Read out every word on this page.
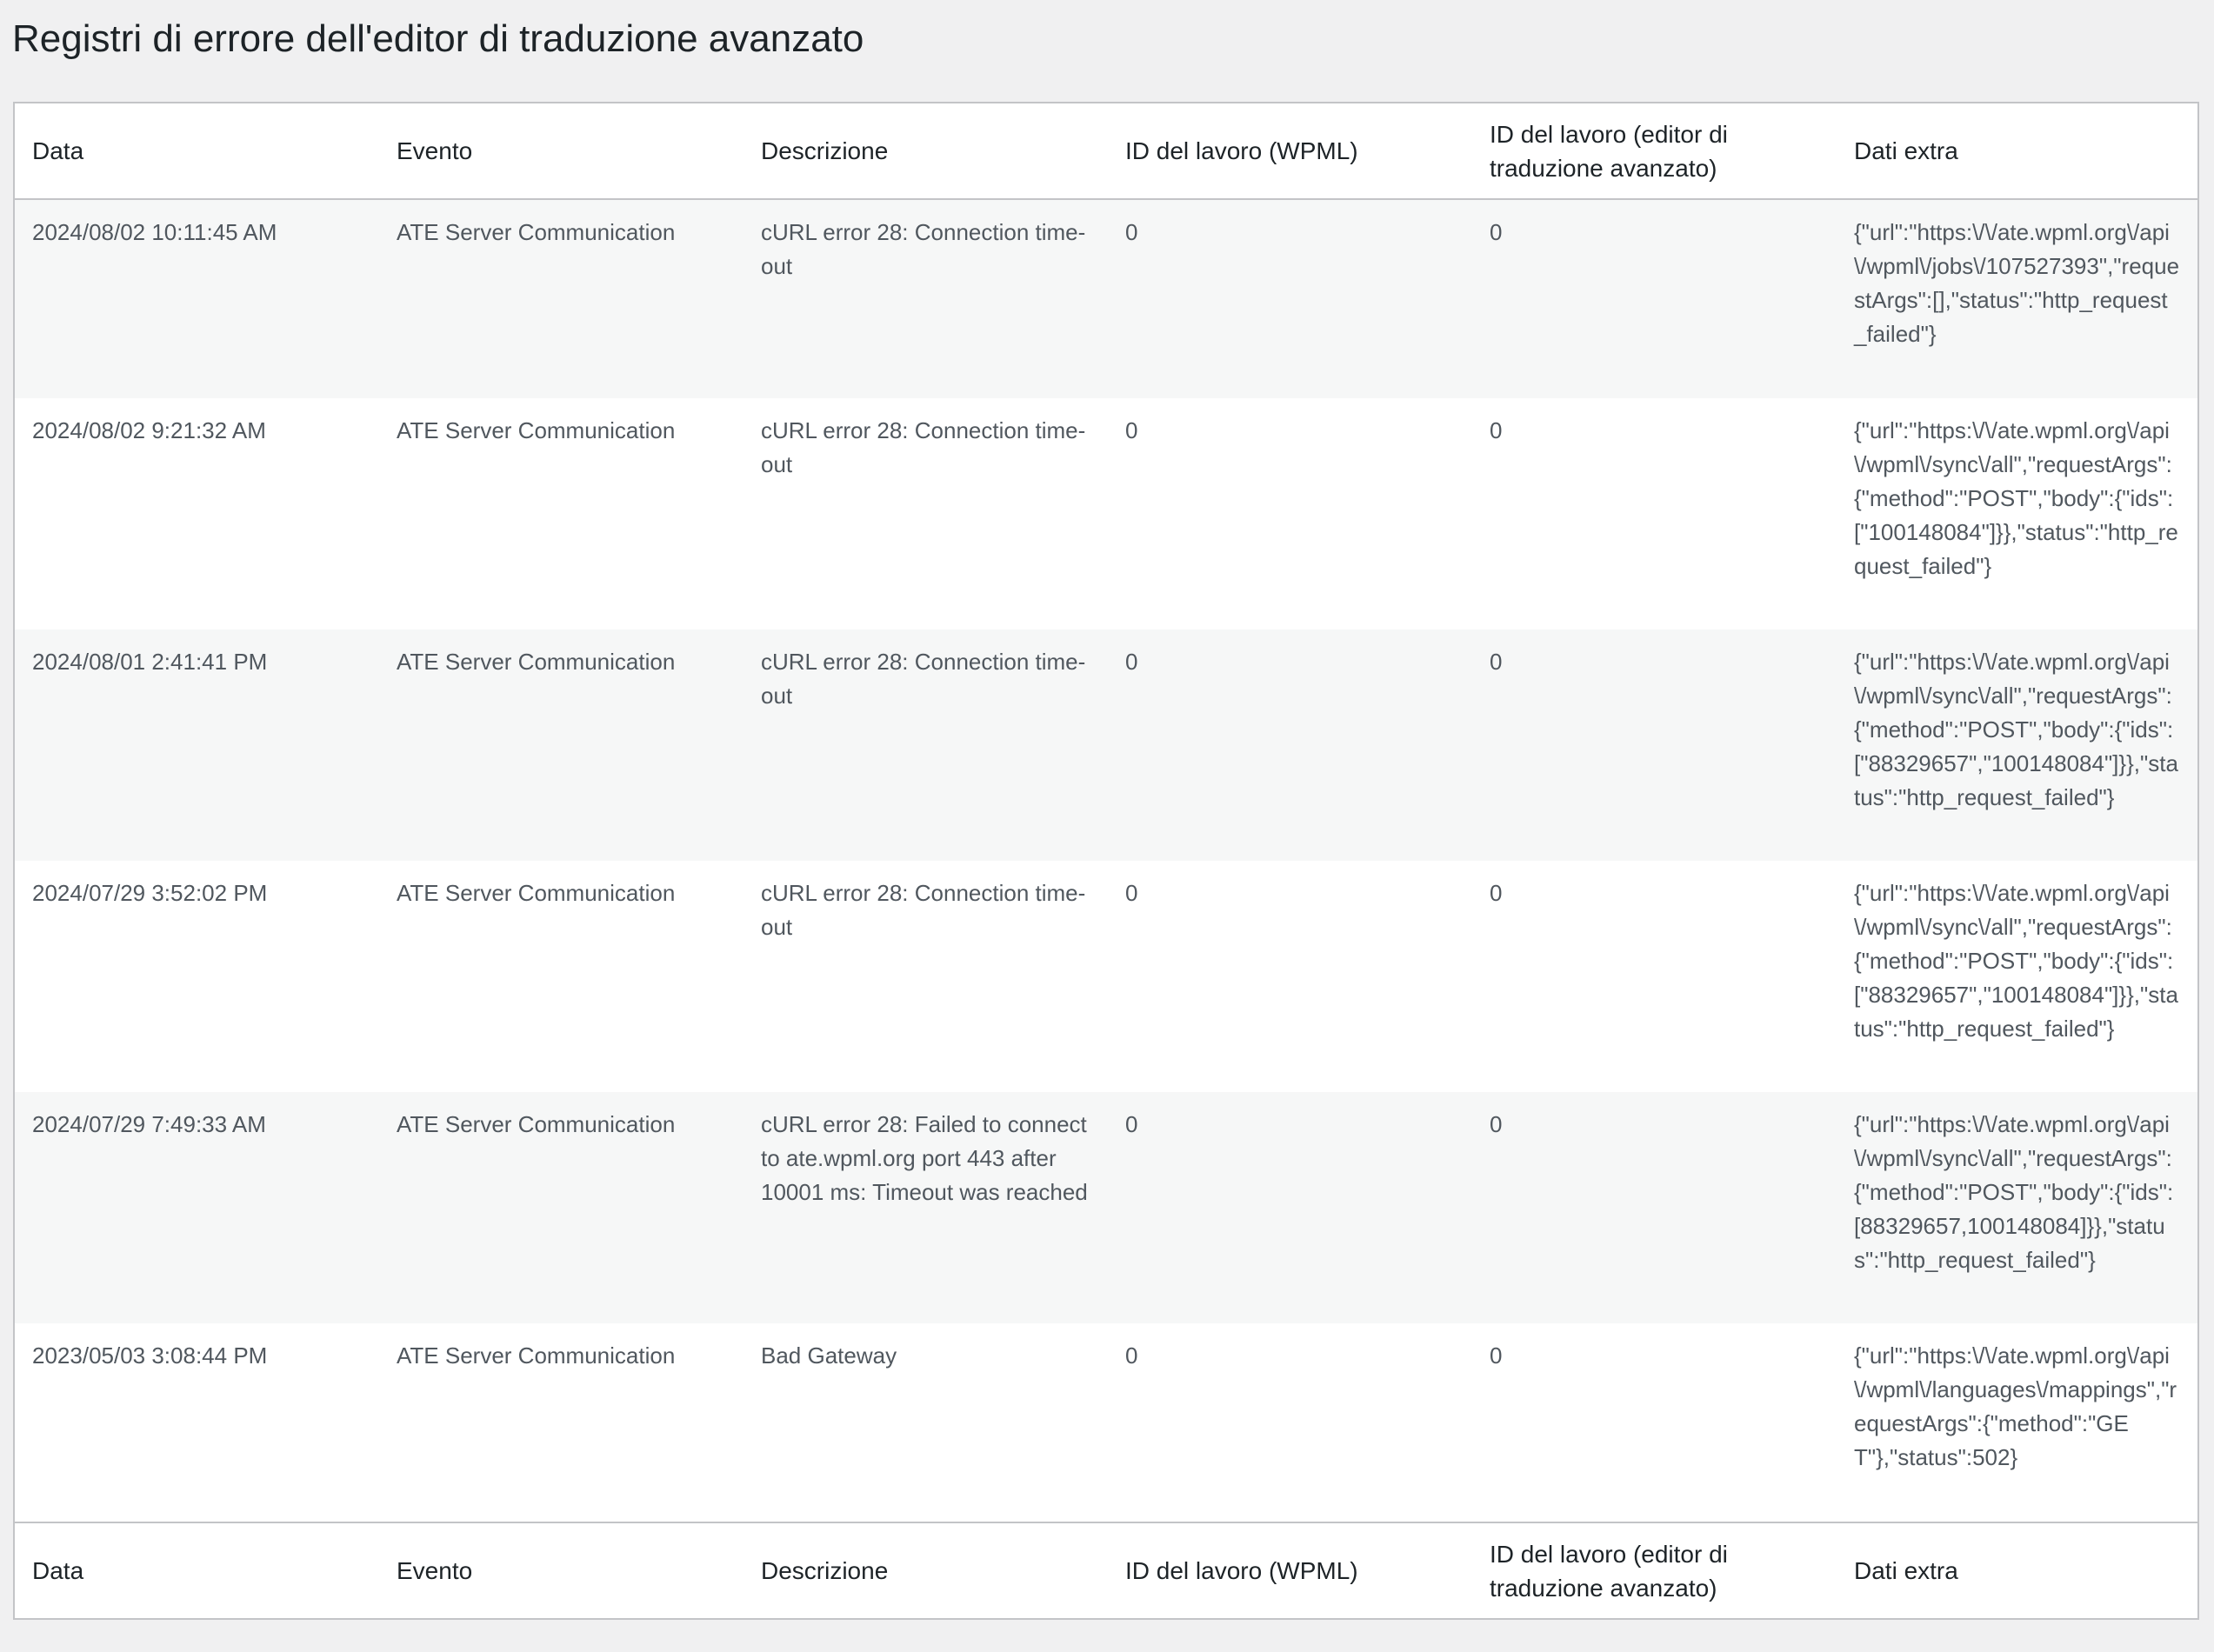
Registri di errore dell'editor di traduzione avanzato
Data	Evento	Descrizione	ID del lavoro (WPML)	ID del lavoro (editor di traduzione avanzato)	Dati extra
2024/08/02 10:11:45 AM	ATE Server Communication	cURL error 28: Connection time-out	0	0	{"url":"https:\/\/ate.wpml.org\/api\/wpml\/jobs\/107527393","requestArgs":[],"status":"http_request_failed"}
2024/08/02 9:21:32 AM	ATE Server Communication	cURL error 28: Connection time-out	0	0	{"url":"https:\/\/ate.wpml.org\/api\/wpml\/sync\/all","requestArgs":{"method":"POST","body":{"ids":["100148084"]}},"status":"http_request_failed"}
2024/08/01 2:41:41 PM	ATE Server Communication	cURL error 28: Connection time-out	0	0	{"url":"https:\/\/ate.wpml.org\/api\/wpml\/sync\/all","requestArgs":{"method":"POST","body":{"ids":["88329657","100148084"]}},"status":"http_request_failed"}
2024/07/29 3:52:02 PM	ATE Server Communication	cURL error 28: Connection time-out	0	0	{"url":"https:\/\/ate.wpml.org\/api\/wpml\/sync\/all","requestArgs":{"method":"POST","body":{"ids":["88329657","100148084"]}},"status":"http_request_failed"}
2024/07/29 7:49:33 AM	ATE Server Communication	cURL error 28: Failed to connect to ate.wpml.org port 443 after 10001 ms: Timeout was reached	0	0	{"url":"https:\/\/ate.wpml.org\/api\/wpml\/sync\/all","requestArgs":{"method":"POST","body":{"ids":[88329657,100148084]}},"status":"http_request_failed"}
2023/05/03 3:08:44 PM	ATE Server Communication	Bad Gateway	0	0	{"url":"https:\/\/ate.wpml.org\/api\/wpml\/languages\/mappings","requestArgs":{"method":"GET"},"status":502}
Data	Evento	Descrizione	ID del lavoro (WPML)	ID del lavoro (editor di traduzione avanzato)	Dati extra
